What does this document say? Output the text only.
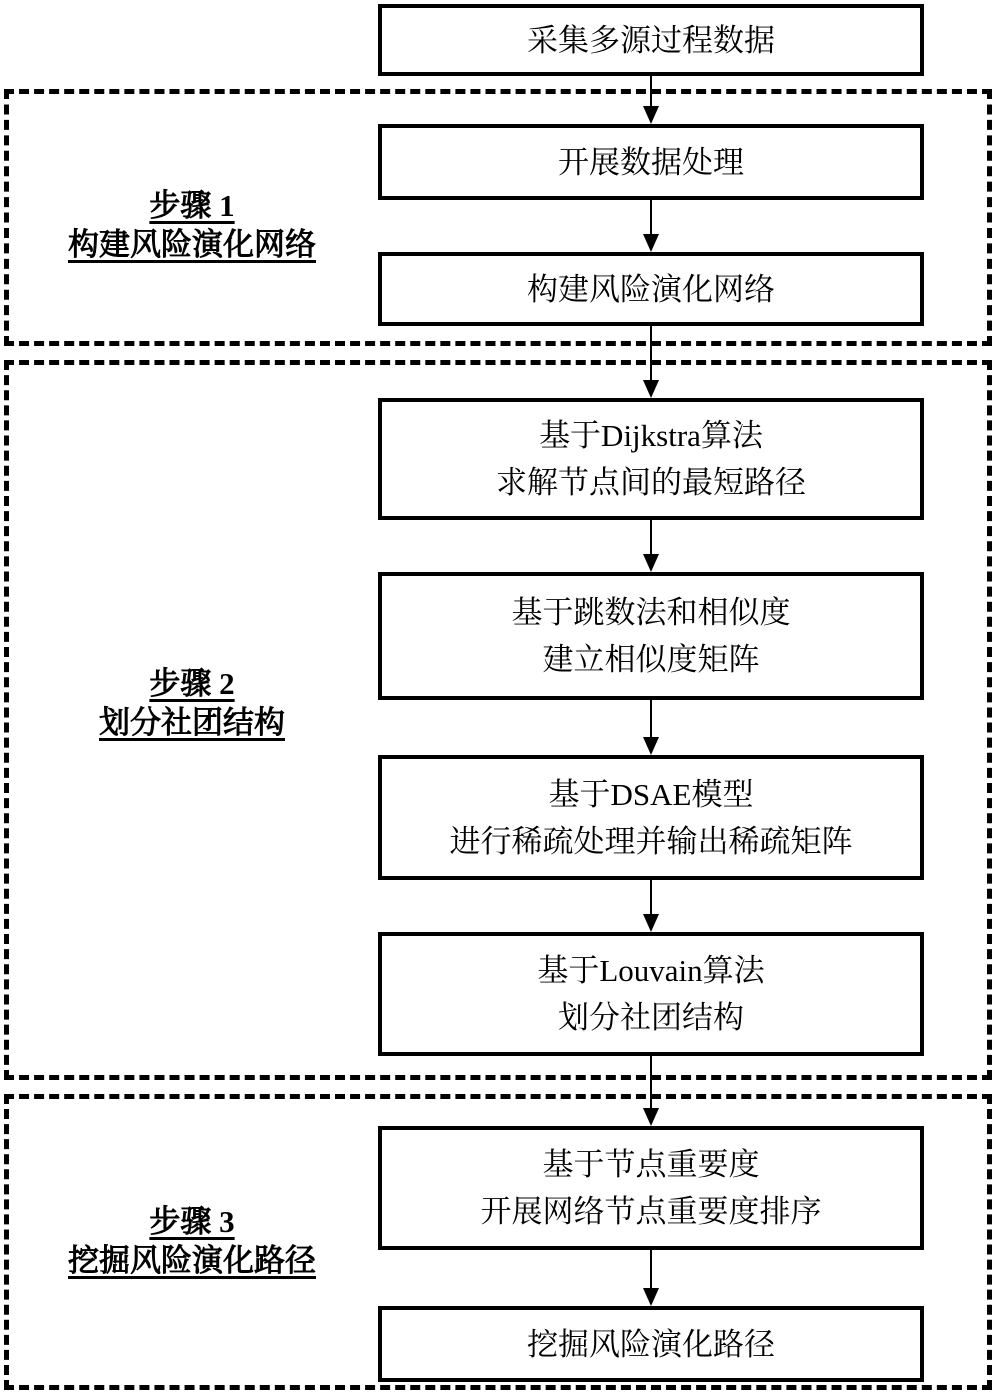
步骤 1
构建风险演化网络
步骤 2
划分社团结构
步骤 3
挖掘风险演化路径
采集多源过程数据
开展数据处理
构建风险演化网络
基于Dijkstra算法
求解节点间的最短路径
基于跳数法和相似度
建立相似度矩阵
基于DSAE模型
进行稀疏处理并输出稀疏矩阵
基于Louvain算法
划分社团结构
基于节点重要度
开展网络节点重要度排序
挖掘风险演化路径
